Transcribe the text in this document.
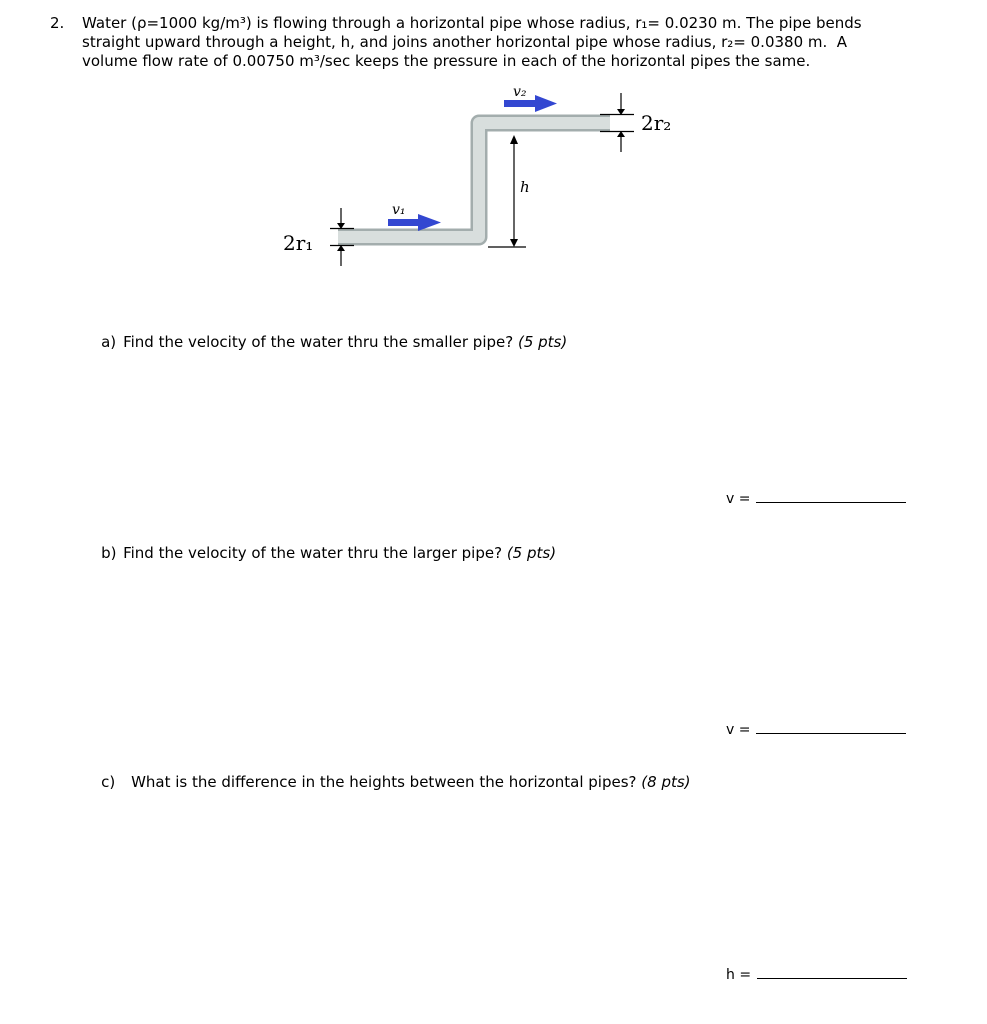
2.	Water (ρ=1000 kg/m³) is flowing through a horizontal pipe whose radius, r₁= 0.0230 m. The pipe bends
straight upward through a height, h, and joins another horizontal pipe whose radius, r₂= 0.0380 m.  A
volume flow rate of 0.00750 m³/sec keeps the pressure in each of the horizontal pipes the same.
v₂
2r₂
h
v₁
2r₁

a) Find the velocity of the water thru the smaller pipe? (5 pts)

v =

b) Find the velocity of the water thru the larger pipe? (5 pts)

v =

c) What is the difference in the heights between the horizontal pipes? (8 pts)

h =
